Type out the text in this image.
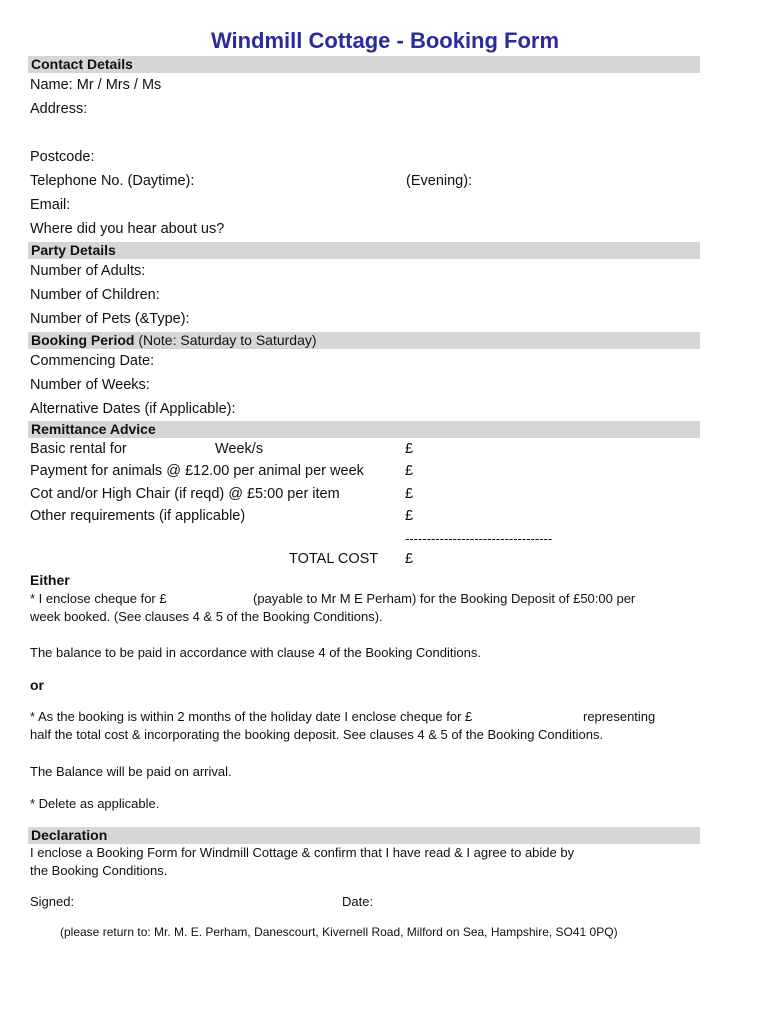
Windmill Cottage - Booking Form
Contact Details
Name: Mr / Mrs / Ms
Address:
Postcode:
Telephone No. (Daytime):	(Evening):
Email:
Where did you hear about us?
Party Details
Number of Adults:
Number of Children:
Number of Pets (&Type):
Booking Period (Note: Saturday to Saturday)
Commencing Date:
Number of Weeks:
Alternative Dates (if Applicable):
Remittance Advice
Basic rental for	Week/s	£
Payment for animals @ £12.00 per animal per week	£
Cot and/or High Chair (if reqd) @ £5:00 per item	£
Other requirements (if applicable)	£
----------------------------------
TOTAL COST £
Either
* I enclose cheque for £	(payable to Mr M E Perham) for the Booking Deposit of £50:00 per
week booked. (See clauses 4 & 5 of the Booking Conditions).
The balance to be paid in accordance with clause 4 of the Booking Conditions.
or
* As the booking is within 2 months of the holiday date I enclose cheque for £	representing
half the total cost & incorporating the booking deposit. See clauses 4 & 5 of the Booking Conditions.
The Balance will be paid on arrival.
* Delete as applicable.
Declaration
I enclose a Booking Form for Windmill Cottage & confirm that I have read & I agree to abide by
the Booking Conditions.
Signed:	Date:
(please return to: Mr. M. E. Perham, Danescourt, Kivernell Road, Milford on Sea, Hampshire, SO41 0PQ)
